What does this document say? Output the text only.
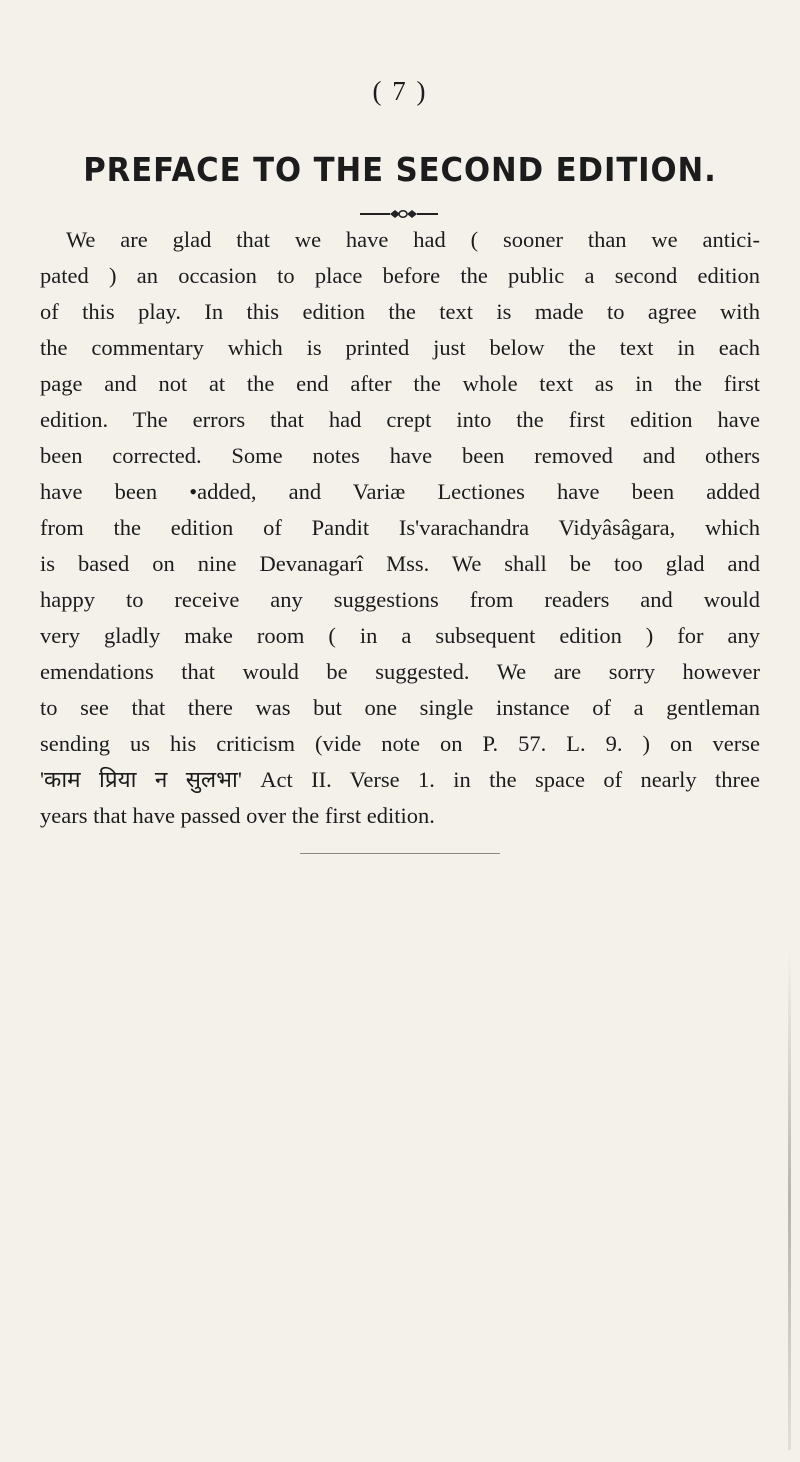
( 7 )
PREFACE TO THE SECOND EDITION.
We are glad that we have had ( sooner than we antici-
pated ) an occasion to place before the public a second edition
of this play. In this edition the text is made to agree with
the commentary which is printed just below the text in each
page and not at the end after the whole text as in the first
edition. The errors that had crept into the first edition have
been corrected. Some notes have been removed and others
have been •added, and Variæ Lectiones have been added
from the edition of Pandit Is'varachandra Vidyâsâgara, which
is based on nine Devanagarî Mss. We shall be too glad and
happy to receive any suggestions from readers and would
very gladly make room ( in a subsequent edition ) for any
emendations that would be suggested. We are sorry however
to see that there was but one single instance of a gentleman
sending us his criticism (vide note on P. 57. L. 9. ) on verse
'काम प्रिया न सुलभा' Act II. Verse 1. in the space of nearly three
years that have passed over the first edition.
